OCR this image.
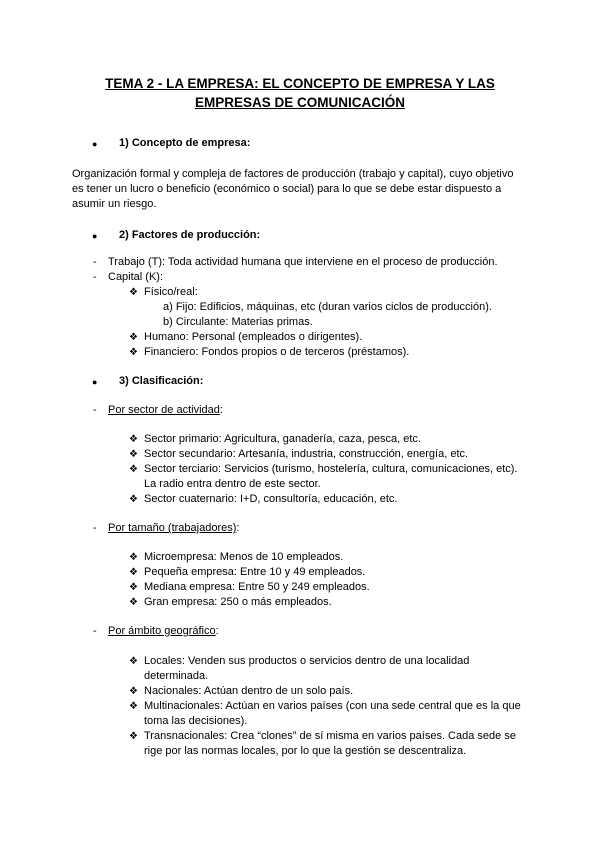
TEMA 2 - LA EMPRESA: EL CONCEPTO DE EMPRESA Y LAS
EMPRESAS DE COMUNICACIÓN
● 1) Concepto de empresa:
Organización formal y compleja de factores de producción (trabajo y capital), cuyo objetivo
es tener un lucro o beneficio (económico o social) para lo que se debe estar dispuesto a
asumir un riesgo.
● 2) Factores de producción:
- Trabajo (T): Toda actividad humana que interviene en el proceso de producción.
- Capital (K):
❖ Físico/real:
a) Fijo: Edificios, máquinas, etc (duran varios ciclos de producción).
b) Circulante: Materias primas.
❖ Humano: Personal (empleados o dirigentes).
❖ Financiero: Fondos propios o de terceros (préstamos).
● 3) Clasificación:
- Por sector de actividad:
❖ Sector primario: Agricultura, ganadería, caza, pesca, etc.
❖ Sector secundario: Artesanía, industria, construcción, energía, etc.
❖ Sector terciario: Servicios (turismo, hostelería, cultura, comunicaciones, etc).
La radio entra dentro de este sector.
❖ Sector cuaternario: I+D, consultoría, educación, etc.
- Por tamaño (trabajadores):
❖ Microempresa: Menos de 10 empleados.
❖ Pequeña empresa: Entre 10 y 49 empleados.
❖ Mediana empresa: Entre 50 y 249 empleados.
❖ Gran empresa: 250 o más empleados.
- Por ámbito geográfico:
❖ Locales: Venden sus productos o servicios dentro de una localidad
determinada.
❖ Nacionales: Actúan dentro de un solo país.
❖ Multinacionales: Actúan en varios países (con una sede central que es la que
toma las decisiones).
❖ Transnacionales: Crea “clones” de sí misma en varios países. Cada sede se
rige por las normas locales, por lo que la gestión se descentraliza.
